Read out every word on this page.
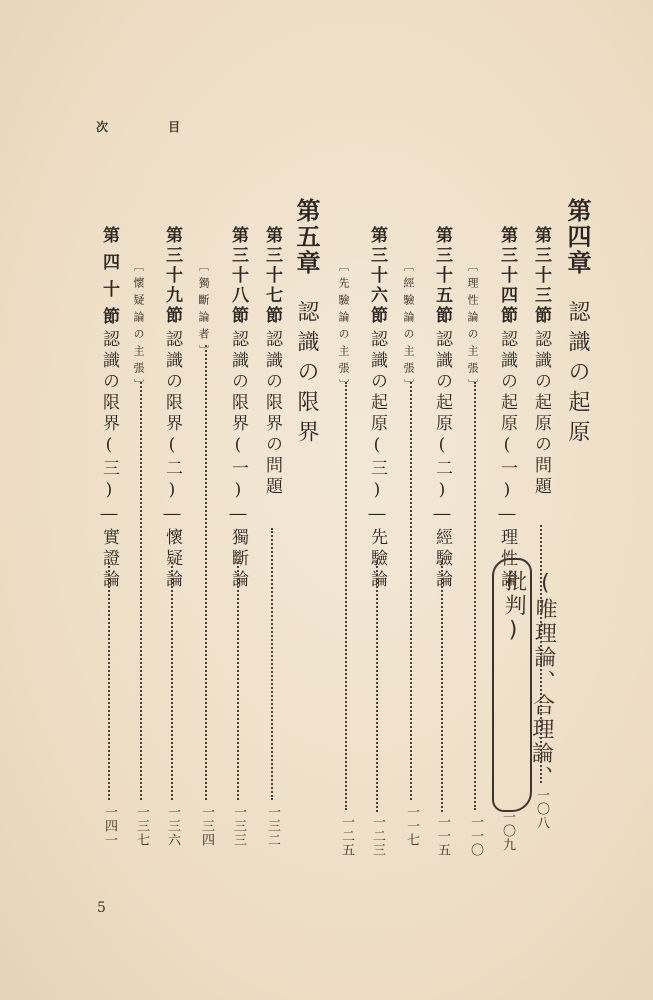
次 目
第四章
認識の起原
第三十三節
認識の起原の問題
一〇八
第三十四節
認識の起原(一)―理性論
一〇九
〔理性論の主張〕
一一〇
第三十五節
認識の起原(二)―經驗論
一一五
〔經驗論の主張〕
一一七
第三十六節
認識の起原(三)―先驗論
一二三
〔先驗論の主張〕
一二五
第五章
認識の限界
第三十七節
認識の限界の問題
一三二
第三十八節
認識の限界(一)―獨斷論
一三三
〔獨斷論者〕
一三四
第三十九節
認識の限界(二)―懷疑論
一三六
〔懷疑論の主張〕
一三七
第四十節
認識の限界(三)―實證論
一四一
(唯理論、合理論、批判)
5
